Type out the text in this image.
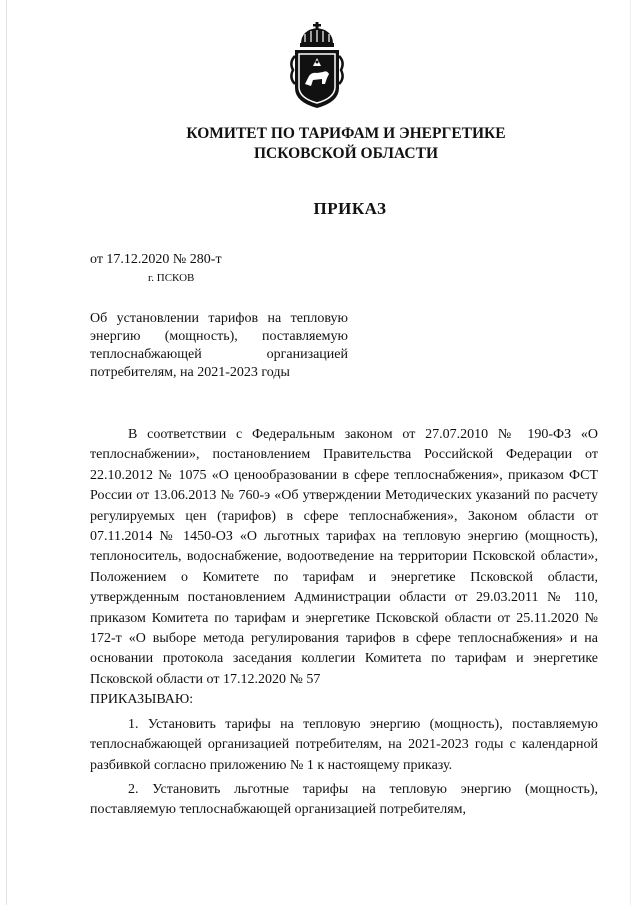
КОМИТЕТ ПО ТАРИФАМ И ЭНЕРГЕТИКЕ
ПСКОВСКОЙ ОБЛАСТИ
ПРИКАЗ
от 17.12.2020 № 280-т
г. ПСКОВ
Об установлении тарифов на тепловую
энергию (мощность), поставляемую
теплоснабжающей организацией
потребителям, на 2021-2023 годы

В соответствии с Федеральным законом от 27.07.2010 № 190-ФЗ «О теплоснабжении», постановлением Правительства Российской Федерации от 22.10.2012 № 1075 «О ценообразовании в сфере теплоснабжения», приказом ФСТ России от 13.06.2013 № 760-э «Об утверждении Методических указаний по расчету регулируемых цен (тарифов) в сфере теплоснабжения», Законом области от 07.11.2014 № 1450-ОЗ «О льготных тарифах на тепловую энергию (мощность), теплоноситель, водоснабжение, водоотведение на территории Псковской области», Положением о Комитете по тарифам и энергетике Псковской области, утвержденным постановлением Администрации области от 29.03.2011 № 110, приказом Комитета по тарифам и энергетике Псковской области от 25.11.2020 № 172-т «О выборе метода регулирования тарифов в сфере теплоснабжения» и на основании протокола заседания коллегии Комитета по тарифам и энергетике Псковской области от 17.12.2020 № 57

ПРИКАЗЫВАЮ:

1. Установить тарифы на тепловую энергию (мощность), поставляемую теплоснабжающей организацией потребителям, на 2021-2023 годы с календарной разбивкой согласно приложению № 1 к настоящему приказу.

2. Установить льготные тарифы на тепловую энергию (мощность), поставляемую теплоснабжающей организацией потребителям,
